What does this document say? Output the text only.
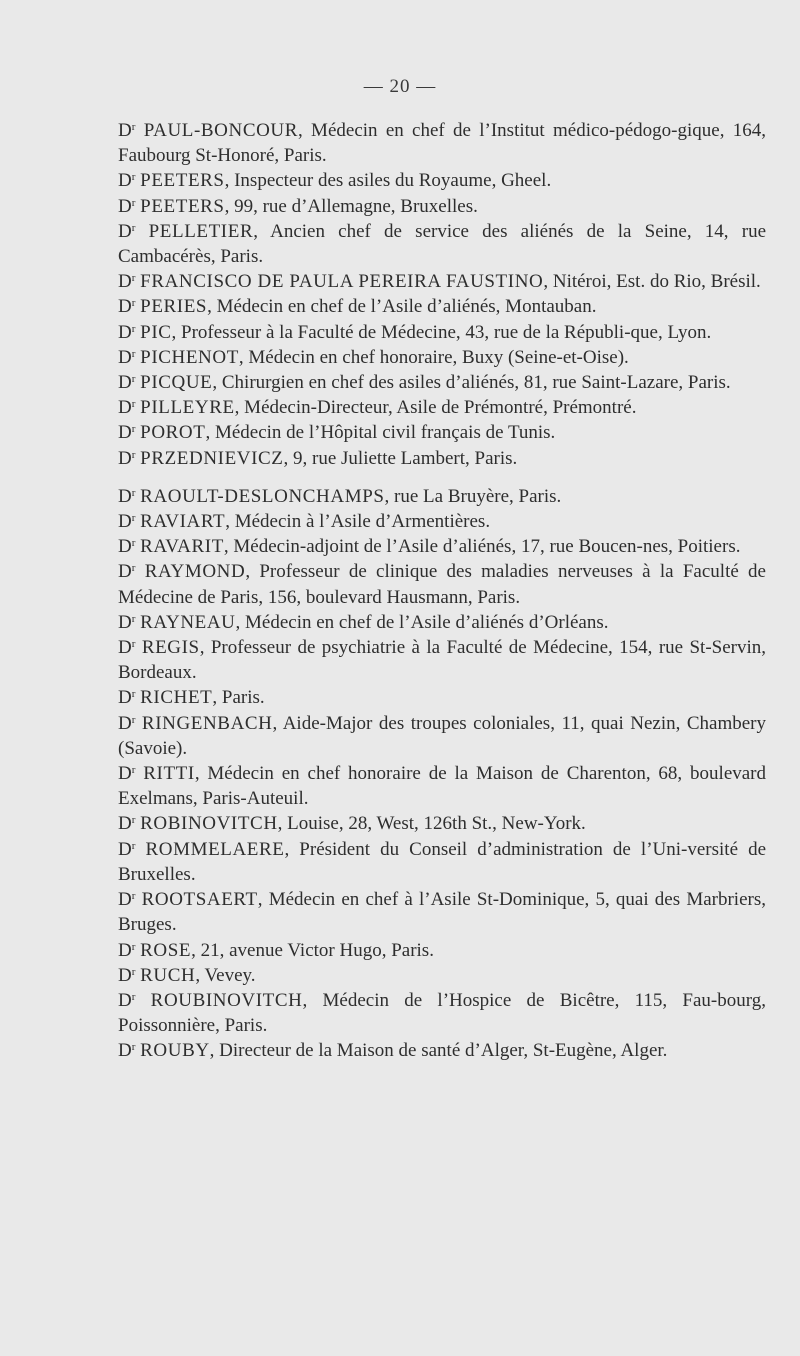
— 20 —

$D^r$ PAUL-BONCOUR, Médecin en chef de l’Institut médico-pédogo-gique, 164, Faubourg St-Honoré, Paris.

$D^r$ PEETERS, Inspecteur des asiles du Royaume, Gheel.

$D^r$ PEETERS, 99, rue d’Allemagne, Bruxelles.

$D^r$ PELLETIER, Ancien chef de service des aliénés de la Seine, 14, rue Cambacérès, Paris.

$D^r$ FRANCISCO DE PAULA PEREIRA FAUSTINO, Nitéroi, Est. do Rio, Brésil.

$D^r$ PERIES, Médecin en chef de l’Asile d’aliénés, Montauban.

$D^r$ PIC, Professeur à la Faculté de Médecine, 43, rue de la Républi-que, Lyon.

$D^r$ PICHENOT, Médecin en chef honoraire, Buxy (Seine-et-Oise).

$D^r$ PICQUE, Chirurgien en chef des asiles d’aliénés, 81, rue Saint-Lazare, Paris.

$D^r$ PILLEYRE, Médecin-Directeur, Asile de Prémontré, Prémontré.

$D^r$ POROT, Médecin de l’Hôpital civil français de Tunis.

$D^r$ PRZEDNIEVICZ, 9, rue Juliette Lambert, Paris.

$D^r$ RAOULT-DESLONCHAMPS, rue La Bruyère, Paris.

$D^r$ RAVIART, Médecin à l’Asile d’Armentières.

$D^r$ RAVARIT, Médecin-adjoint de l’Asile d’aliénés, 17, rue Boucen-nes, Poitiers.

$D^r$ RAYMOND, Professeur de clinique des maladies nerveuses à la Faculté de Médecine de Paris, 156, boulevard Hausmann, Paris.

$D^r$ RAYNEAU, Médecin en chef de l’Asile d’aliénés d’Orléans.

$D^r$ REGIS, Professeur de psychiatrie à la Faculté de Médecine, 154, rue St-Servin, Bordeaux.

$D^r$ RICHET, Paris.

$D^r$ RINGENBACH, Aide-Major des troupes coloniales, 11, quai Nezin, Chambery (Savoie).

$D^r$ RITTI, Médecin en chef honoraire de la Maison de Charenton, 68, boulevard Exelmans, Paris-Auteuil.

$D^r$ ROBINOVITCH, Louise, 28, West, 126th St., New-York.

$D^r$ ROMMELAERE, Président du Conseil d’administration de l’Uni-versité de Bruxelles.

$D^r$ ROOTSAERT, Médecin en chef à l’Asile St-Dominique, 5, quai des Marbriers, Bruges.

$D^r$ ROSE, 21, avenue Victor Hugo, Paris.

$D^r$ RUCH, Vevey.

$D^r$ ROUBINOVITCH, Médecin de l’Hospice de Bicêtre, 115, Fau-bourg, Poissonnière, Paris.

$D^r$ ROUBY, Directeur de la Maison de santé d’Alger, St-Eugène, Alger.
